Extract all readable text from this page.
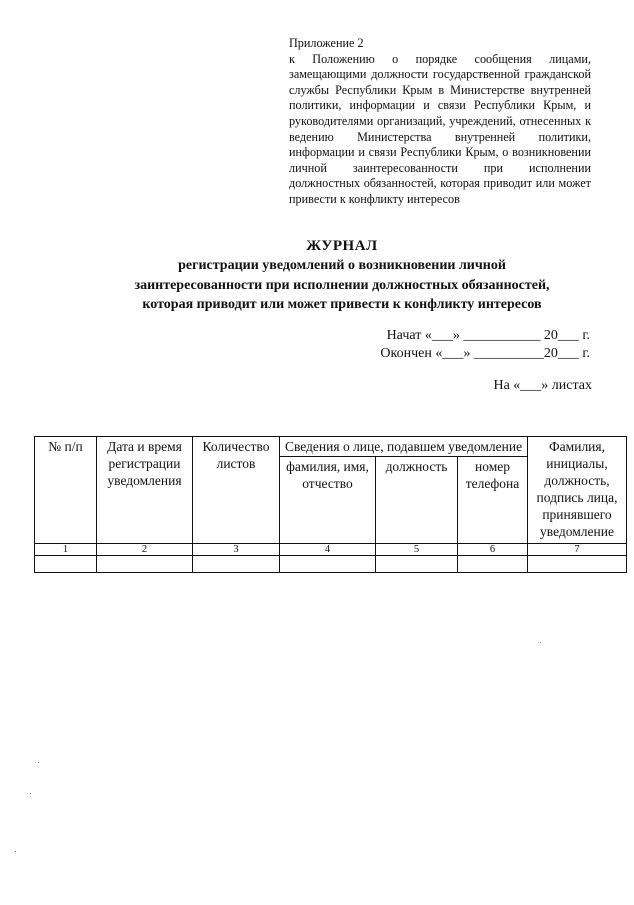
Приложение 2
к Положению о порядке сообщения лицами, замещающими должности государственной гражданской службы Республики Крым в Министерстве внутренней политики, информации и связи Республики Крым, и руководителями организаций, учреждений, отнесенных к ведению Министерства внутренней политики, информации и связи Республики Крым, о возникновении личной заинтересованности при исполнении должностных обязанностей, которая приводит или может привести к конфликту интересов
ЖУРНАЛ
регистрации уведомлений о возникновении личной
заинтересованности при исполнении должностных обязанностей,
которая приводит или может привести к конфликту интересов
Начат «___» ___________ 20___ г.
Окончен «___» __________20___ г.
На «___» листах
№ п/п	Дата и время регистрации уведомления	Количество листов	Сведения о лице, подавшем уведомление			Фамилия, инициалы, должность, подпись лица, принявшего уведомление
			фамилия, имя, отчество	должность	номер телефона	
1	2	3	4	5	6	7
